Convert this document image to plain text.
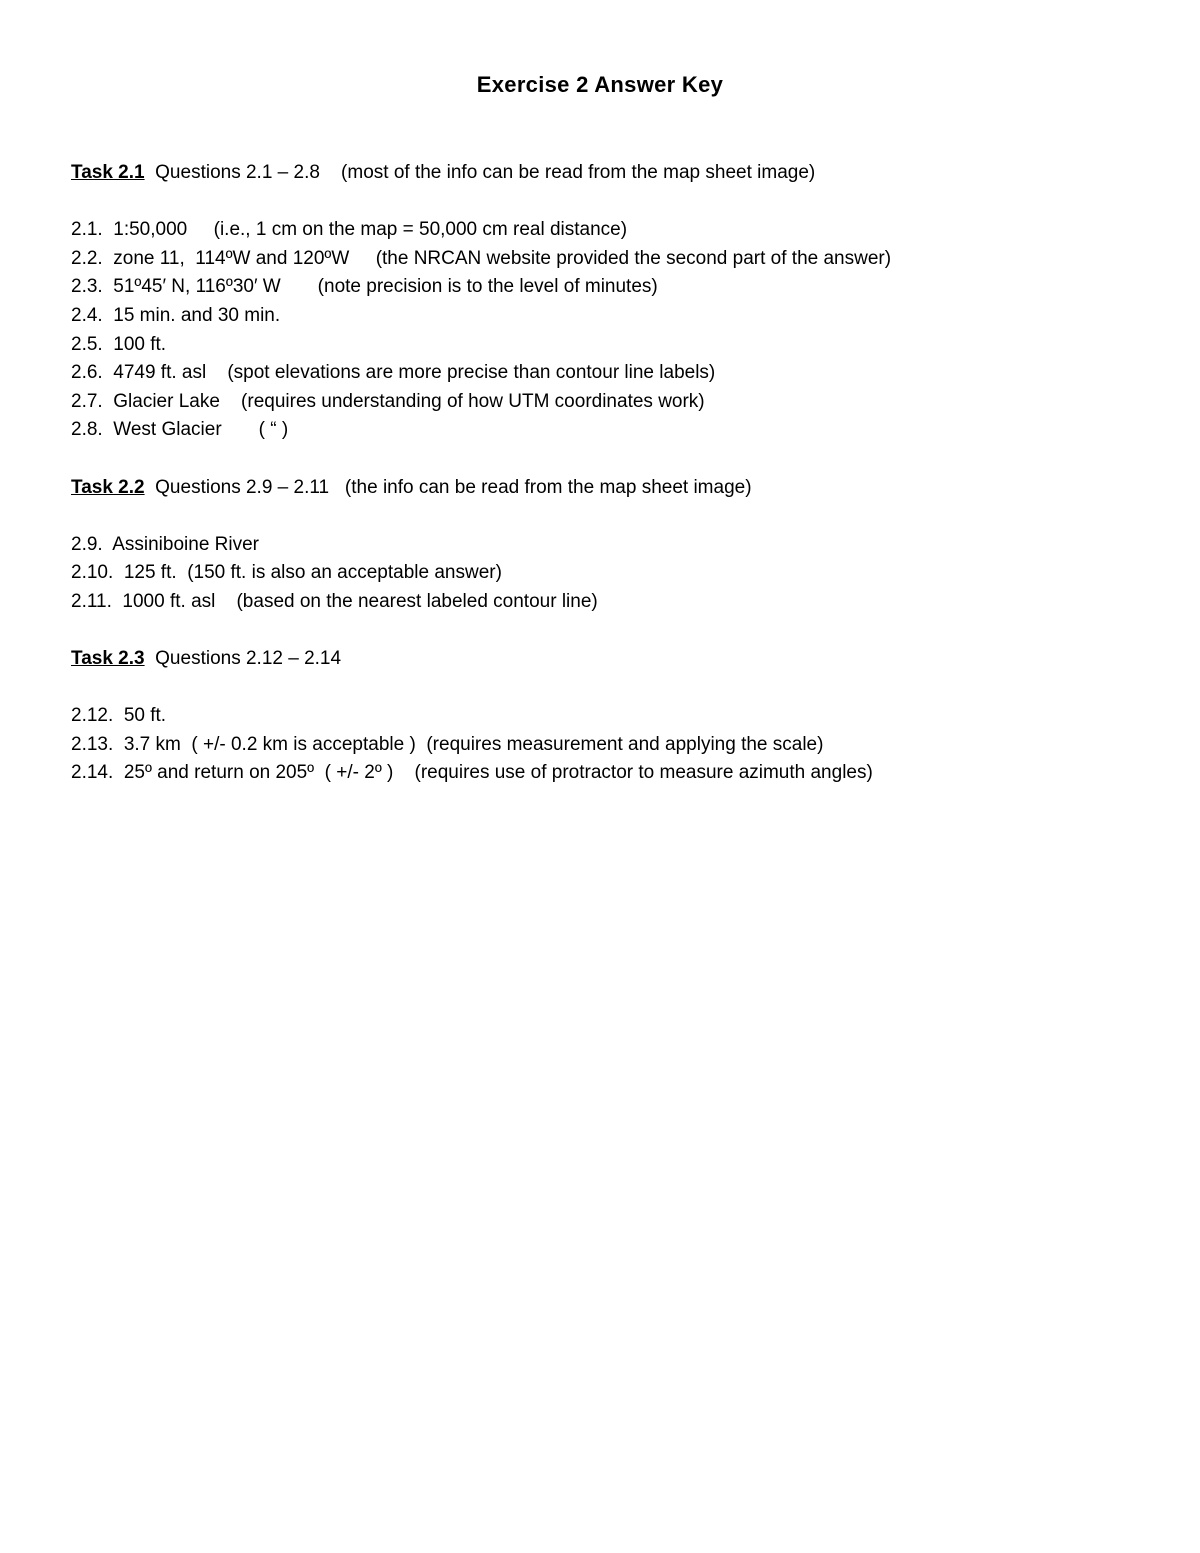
Exercise 2 Answer Key
Task 2.1  Questions 2.1 – 2.8    (most of the info can be read from the map sheet image)
2.1.  1:50,000     (i.e., 1 cm on the map = 50,000 cm real distance)
2.2.  zone 11,  114ºW and 120ºW     (the NRCAN website provided the second part of the answer)
2.3.  51º45′ N, 116º30′ W       (note precision is to the level of minutes)
2.4.  15 min. and 30 min.
2.5.  100 ft.
2.6.  4749 ft. asl    (spot elevations are more precise than contour line labels)
2.7.  Glacier Lake    (requires understanding of how UTM coordinates work)
2.8.  West Glacier       ( “ )
Task 2.2  Questions 2.9 – 2.11   (the info can be read from the map sheet image)
2.9.  Assiniboine River
2.10.  125 ft.  (150 ft. is also an acceptable answer)
2.11.  1000 ft. asl    (based on the nearest labeled contour line)
Task 2.3  Questions 2.12 – 2.14
2.12.  50 ft.
2.13.  3.7 km  ( +/- 0.2 km is acceptable )  (requires measurement and applying the scale)
2.14.  25º and return on 205º  ( +/- 2º )    (requires use of protractor to measure azimuth angles)
